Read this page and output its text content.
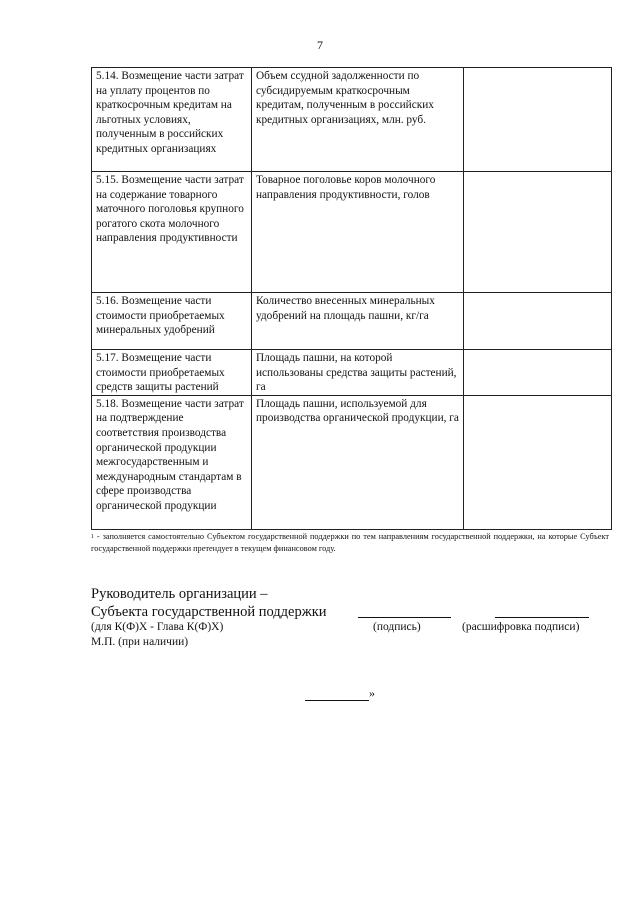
7
5.14. Возмещение части затрат на уплату процентов по краткосрочным кредитам на льготных условиях, полученным в российских кредитных организациях	Объем ссудной задолженности по субсидируемым краткосрочным кредитам, полученным в российских кредитных организациях, млн. руб.	
5.15. Возмещение части затрат на содержание товарного маточного поголовья крупного рогатого скота молочного направления продуктивности	Товарное поголовье коров молочного направления продуктивности, голов	
5.16. Возмещение части стоимости приобретаемых минеральных удобрений	Количество внесенных минеральных удобрений на площадь пашни, кг/га	
5.17. Возмещение части стоимости приобретаемых средств защиты растений	Площадь пашни, на которой использованы средства защиты растений, га	
5.18. Возмещение части затрат на подтверждение соответствия производства органической продукции межгосударственным и международным стандартам в сфере производства органической продукции	Площадь пашни, используемой для производства органической продукции, га	
$^1$ - заполняется самостоятельно Субъектом государственной поддержки по тем направлениям государственной поддержки, на которые Субъект государственной поддержки претендует в текущем финансовом году.
Руководитель организации –
Субъекта государственной поддержки
(для К(Ф)Х - Глава К(Ф)Х)	(подпись)	(расшифровка подписи)
М.П. (при наличии)
»
